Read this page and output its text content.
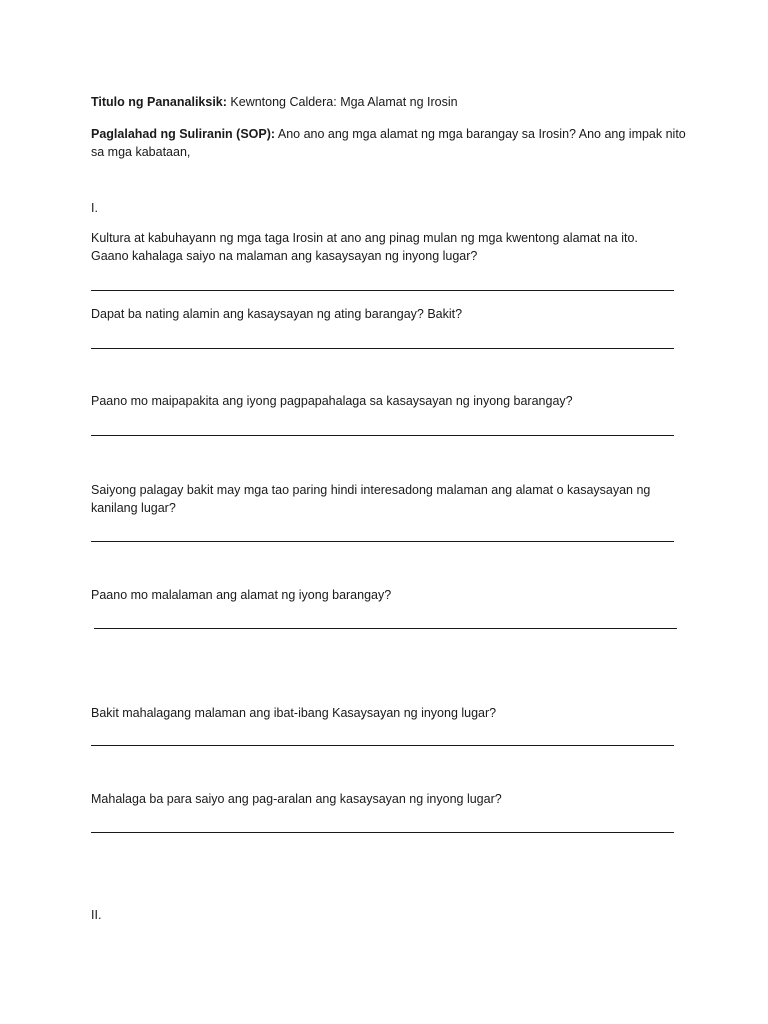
Titulo ng Pananaliksik: Kewntong Caldera: Mga Alamat ng Irosin
Paglalahad ng Suliranin (SOP): Ano ano ang mga alamat ng mga barangay sa Irosin? Ano ang impak nito
sa mga kabataan,
I.
Kultura at kabuhayann ng mga taga Irosin at ano ang pinag mulan ng mga kwentong alamat na ito.
Gaano kahalaga saiyo na malaman ang kasaysayan ng inyong lugar?
Dapat ba nating alamin ang kasaysayan ng ating barangay? Bakit?
Paano mo maipapakita ang iyong pagpapahalaga sa kasaysayan ng inyong barangay?
Saiyong palagay bakit may mga tao paring hindi interesadong malaman ang alamat o kasaysayan ng
kanilang lugar?
Paano mo malalaman ang alamat ng iyong barangay?
Bakit mahalagang malaman ang ibat-ibang Kasaysayan ng inyong lugar?
Mahalaga ba para saiyo ang pag-aralan ang kasaysayan ng inyong lugar?
II.
